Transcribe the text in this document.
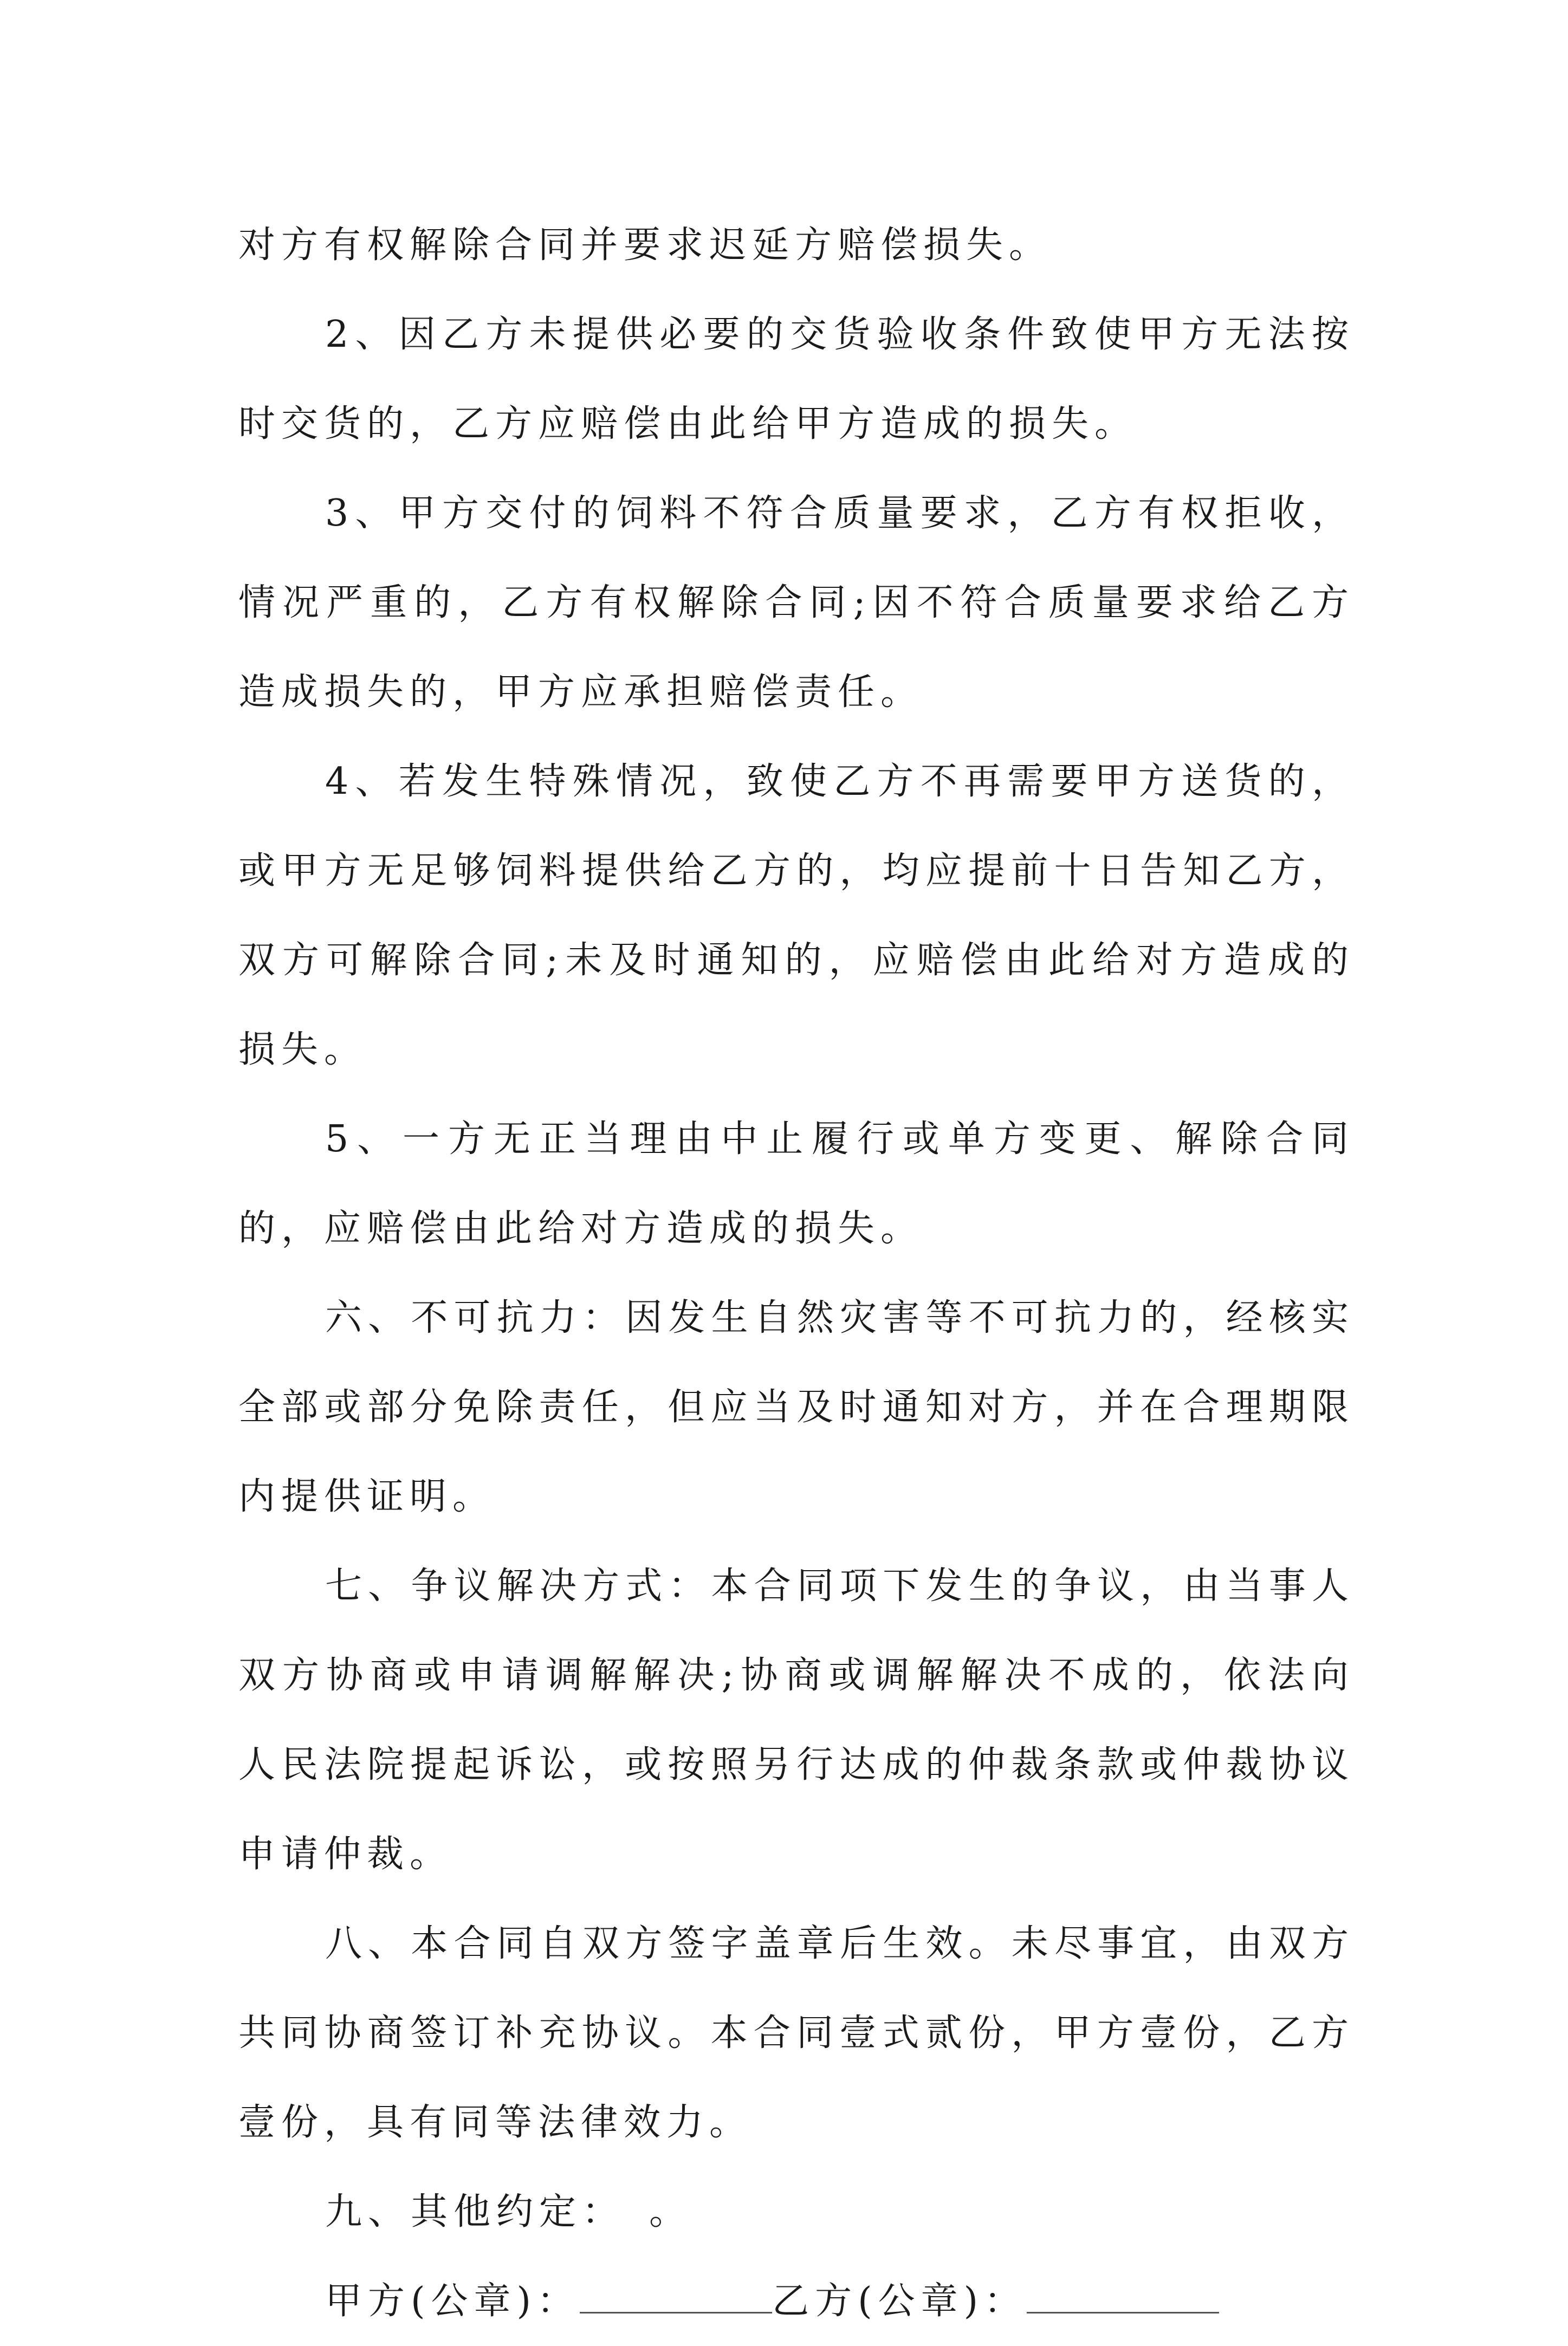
对方有权解除合同并要求迟延方赔偿损失。

2、因乙方未提供必要的交货验收条件致使甲方无法按时交货的，乙方应赔偿由此给甲方造成的损失。

3、甲方交付的饲料不符合质量要求，乙方有权拒收，情况严重的，乙方有权解除合同;因不符合质量要求给乙方造成损失的，甲方应承担赔偿责任。

4、若发生特殊情况，致使乙方不再需要甲方送货的，或甲方无足够饲料提供给乙方的，均应提前十日告知乙方，双方可解除合同;未及时通知的，应赔偿由此给对方造成的损失。

5、一方无正当理由中止履行或单方变更、解除合同的，应赔偿由此给对方造成的损失。

六、不可抗力：因发生自然灾害等不可抗力的，经核实全部或部分免除责任，但应当及时通知对方，并在合理期限内提供证明。

七、争议解决方式：本合同项下发生的争议，由当事人双方协商或申请调解解决;协商或调解解决不成的，依法向人民法院提起诉讼，或按照另行达成的仲裁条款或仲裁协议申请仲裁。

八、本合同自双方签字盖章后生效。未尽事宜，由双方共同协商签订补充协议。本合同壹式贰份，甲方壹份，乙方壹份，具有同等法律效力。

九、其他约定：　。

甲方(公章)：	乙方(公章)：
